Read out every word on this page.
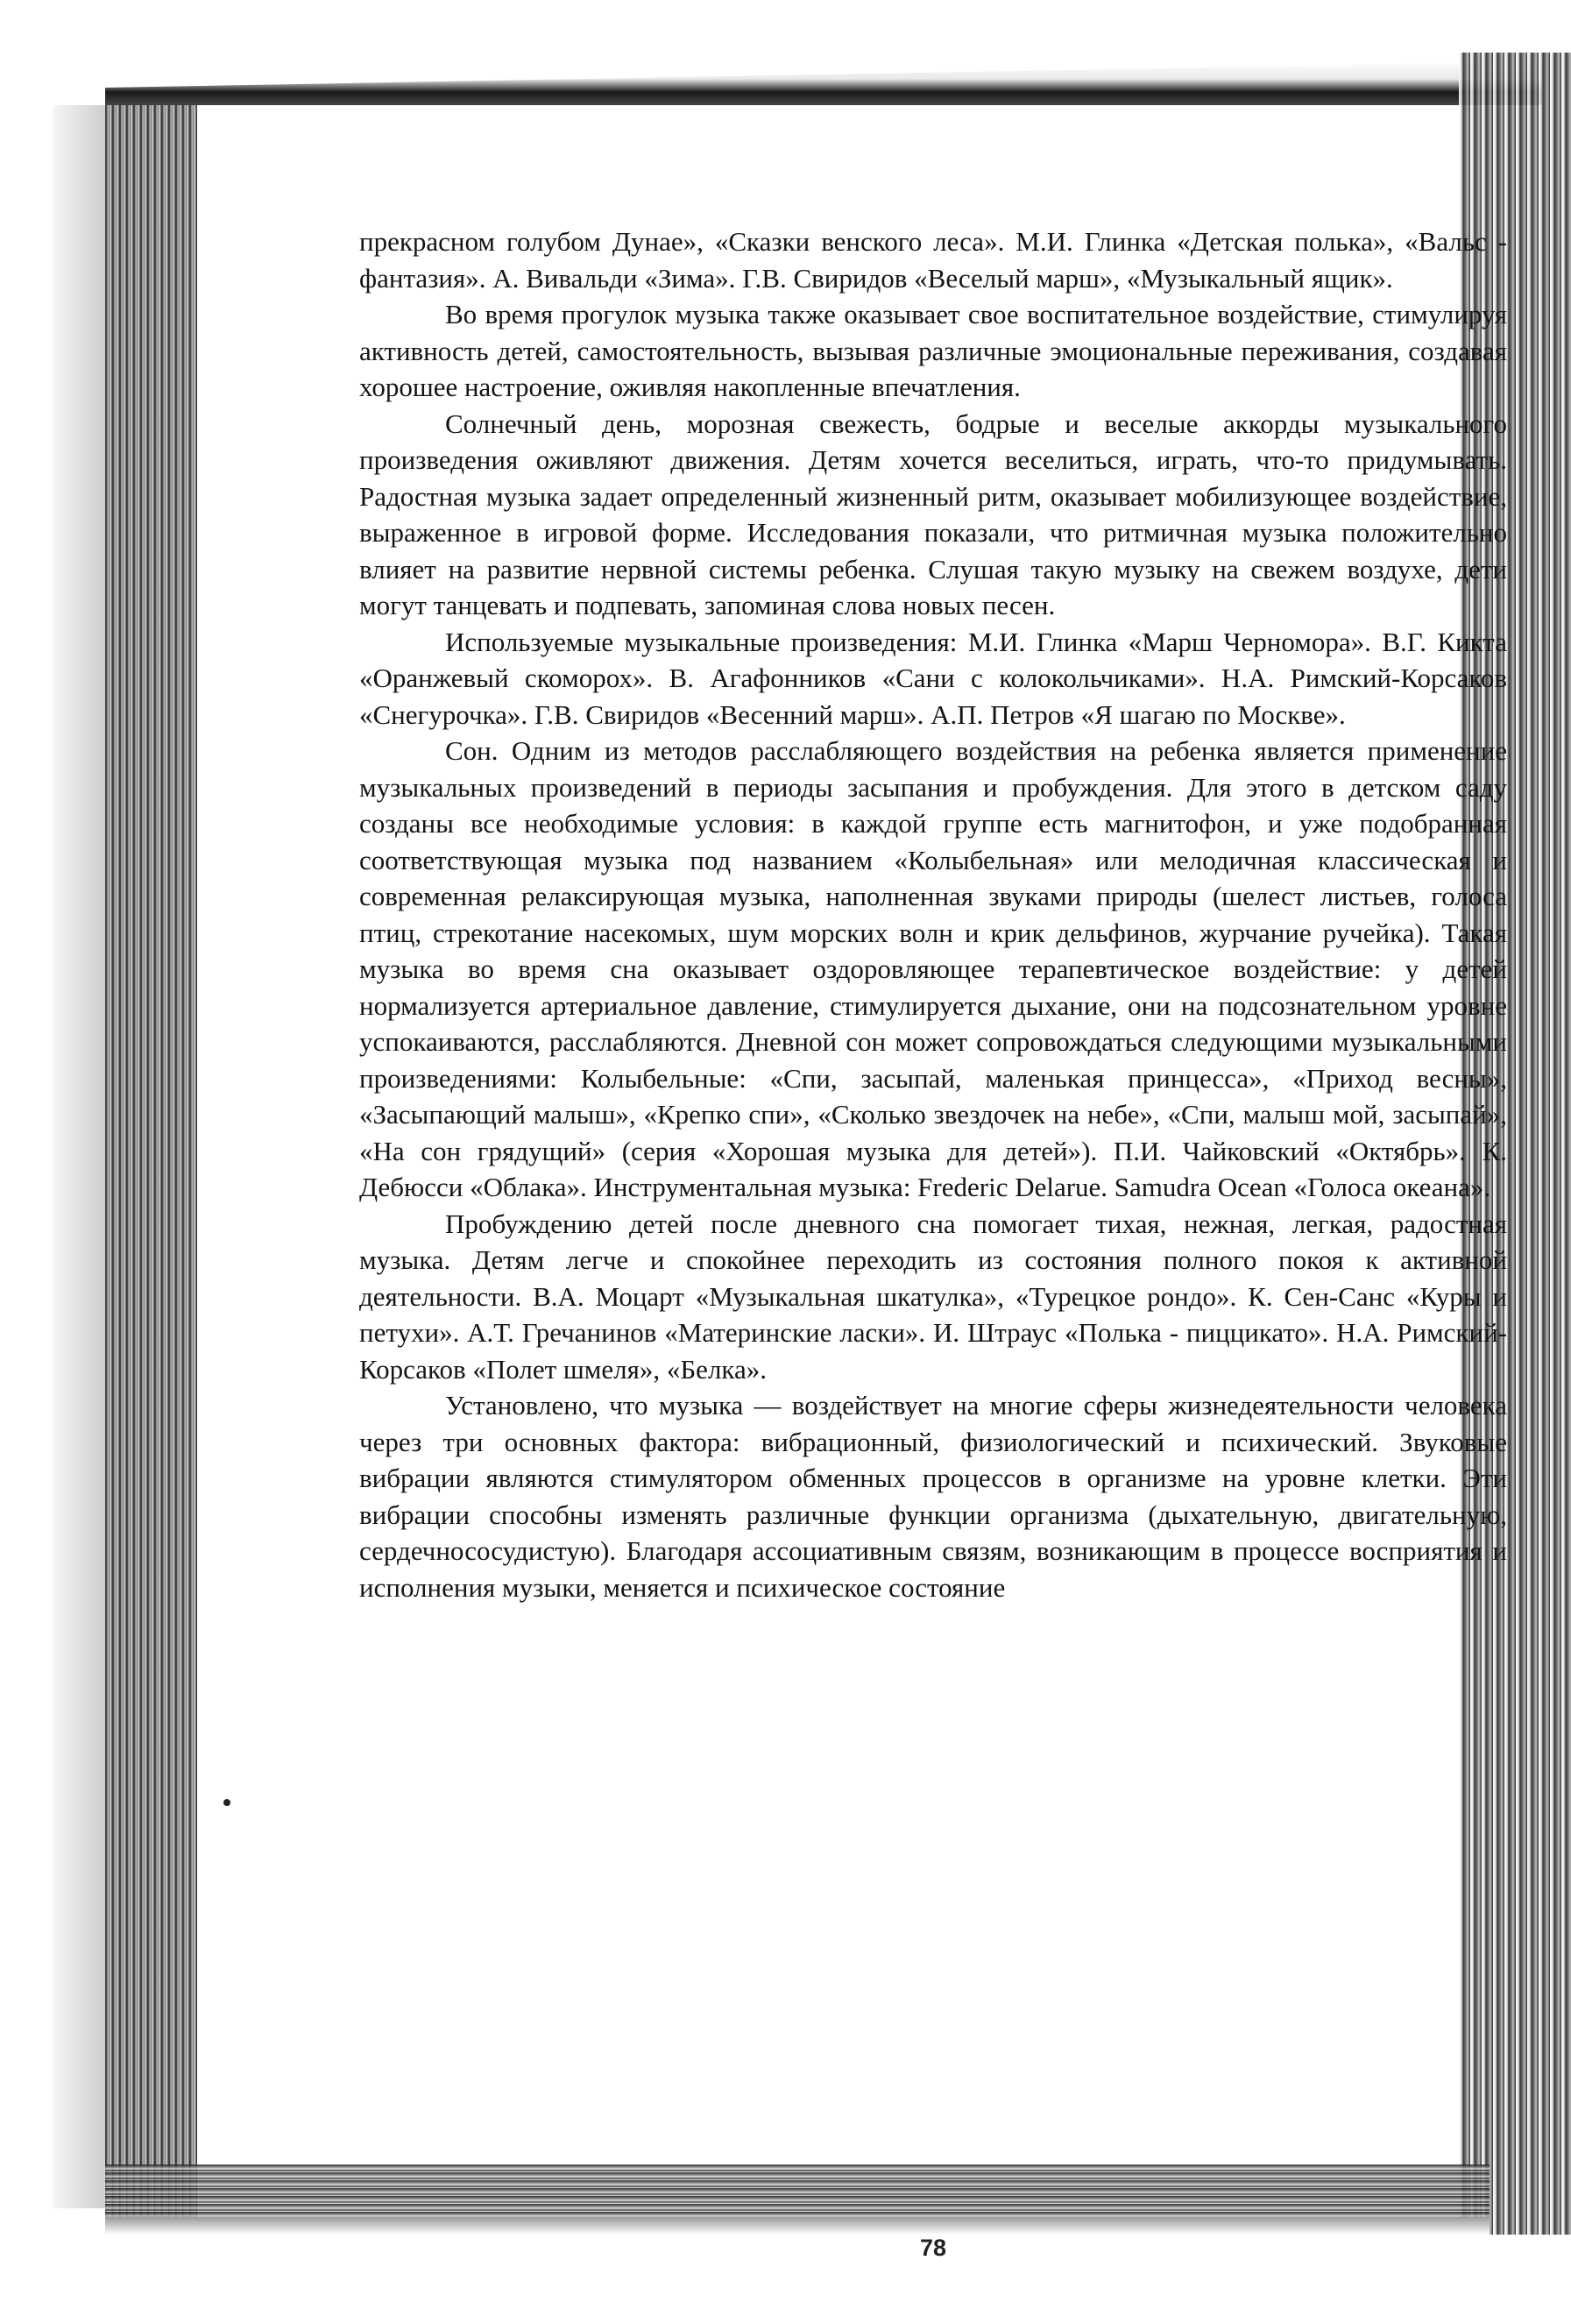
прекрасном голубом Дунае», «Сказки венского леса». М.И. Глинка «Детская полька», «Вальс - фантазия». А. Вивальди «Зима». Г.В. Свиридов «Веселый марш», «Музыкальный ящик».

Во время прогулок музыка также оказывает свое воспитательное воздействие, стимулируя активность детей, самостоятельность, вызывая различные эмоциональные переживания, создавая хорошее настроение, оживляя накопленные впечатления.

Солнечный день, морозная свежесть, бодрые и веселые аккорды музыкального произведения оживляют движения. Детям хочется веселиться, играть, что-то придумывать. Радостная музыка задает определенный жизненный ритм, оказывает мобилизующее воздействие, выраженное в игровой форме. Исследования показали, что ритмичная музыка положительно влияет на развитие нервной системы ребенка. Слушая такую музыку на свежем воздухе, дети могут танцевать и подпевать, запоминая слова новых песен.

Используемые музыкальные произведения: М.И. Глинка «Марш Черномора». В.Г. Кикта «Оранжевый скоморох». В. Агафонников «Сани с колокольчиками». Н.А. Римский-Корсаков «Снегурочка». Г.В. Свиридов «Весенний марш». А.П. Петров «Я шагаю по Москве».

Сон. Одним из методов расслабляющего воздействия на ребенка является применение музыкальных произведений в периоды засыпания и пробуждения. Для этого в детском саду созданы все необходимые условия: в каждой группе есть магнитофон, и уже подобранная соответствующая музыка под названием «Колыбельная» или мелодичная классическая и современная релаксирующая музыка, наполненная звуками природы (шелест листьев, голоса птиц, стрекотание насекомых, шум морских волн и крик дельфинов, журчание ручейка). Такая музыка во время сна оказывает оздоровляющее терапевтическое воздействие: у детей нормализуется артериальное давление, стимулируется дыхание, они на подсознательном уровне успокаиваются, расслабляются. Дневной сон может сопровождаться следующими музыкальными произведениями: Колыбельные: «Спи, засыпай, маленькая принцесса», «Приход весны», «Засыпающий малыш», «Крепко спи», «Сколько звездочек на небе», «Спи, малыш мой, засыпай», «На сон грядущий» (серия «Хорошая музыка для детей»). П.И. Чайковский «Октябрь». К. Дебюсси «Облака». Инструментальная музыка: Frederic Delarue. Samudra Ocean «Голоса океана».

Пробуждению детей после дневного сна помогает тихая, нежная, легкая, радостная музыка. Детям легче и спокойнее переходить из состояния полного покоя к активной деятельности. В.А. Моцарт «Музыкальная шкатулка», «Турецкое рондо». К. Сен-Санс «Куры и петухи». А.Т. Гречанинов «Материнские ласки». И. Штраус «Полька - пиццикато». Н.А. Римский-Корсаков «Полет шмеля», «Белка».

Установлено, что музыка — воздействует на многие сферы жизнедеятельности человека через три основных фактора: вибрационный, физиологический и психический. Звуковые вибрации являются стимулятором обменных процессов в организме на уровне клетки. Эти вибрации способны изменять различные функции организма (дыхательную, двигательную, сердечнососудистую). Благодаря ассоциативным связям, возникающим в процессе восприятия и исполнения музыки, меняется и психическое состояние

78
